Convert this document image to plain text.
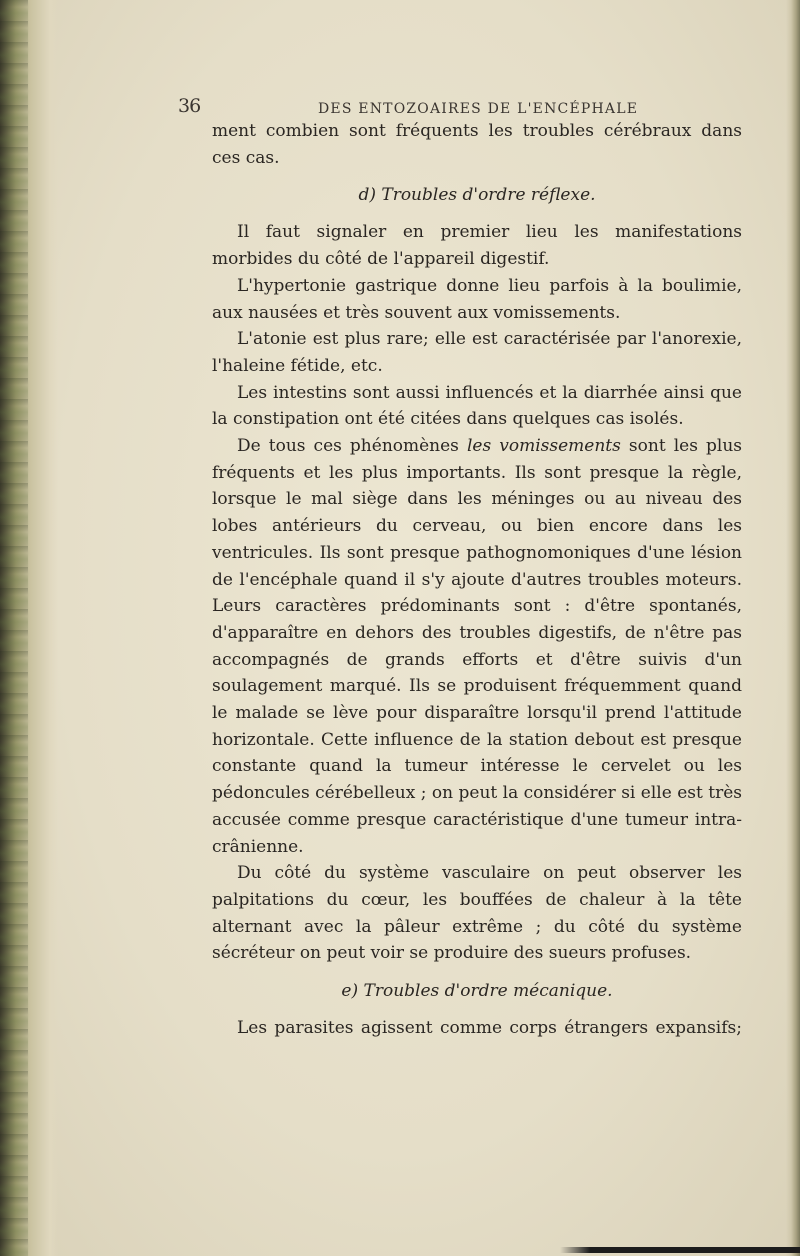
36	DES ENTOZOAIRES DE L'ENCÉPHALE

ment combien sont fréquents les troubles cérébraux dans ces cas.

d) Troubles d'ordre réflexe.

Il faut signaler en premier lieu les manifestations morbides du côté de l'appareil digestif.

L'hypertonie gastrique donne lieu parfois à la boulimie, aux nausées et très souvent aux vomissements.

L'atonie est plus rare; elle est caractérisée par l'anorexie, l'haleine fétide, etc.

Les intestins sont aussi influencés et la diarrhée ainsi que la constipation ont été citées dans quelques cas isolés.

De tous ces phénomènes les vomissements sont les plus fréquents et les plus importants. Ils sont presque la règle, lorsque le mal siège dans les méninges ou au niveau des lobes antérieurs du cerveau, ou bien encore dans les ventricules. Ils sont presque pathognomoniques d'une lésion de l'encéphale quand il s'y ajoute d'autres troubles moteurs. Leurs caractères prédominants sont : d'être spontanés, d'apparaître en dehors des troubles digestifs, de n'être pas accompagnés de grands efforts et d'être suivis d'un soulagement marqué. Ils se produisent fréquemment quand le malade se lève pour disparaître lorsqu'il prend l'attitude horizontale. Cette influence de la station debout est presque constante quand la tumeur intéresse le cervelet ou les pédoncules cérébelleux ; on peut la considérer si elle est très accusée comme presque caractéristique d'une tumeur intra-crânienne.

Du côté du système vasculaire on peut observer les palpitations du cœur, les bouffées de chaleur à la tête alternant avec la pâleur extrême ; du côté du système sécréteur on peut voir se produire des sueurs profuses.

e) Troubles d'ordre mécanique.

Les parasites agissent comme corps étrangers expansifs;
